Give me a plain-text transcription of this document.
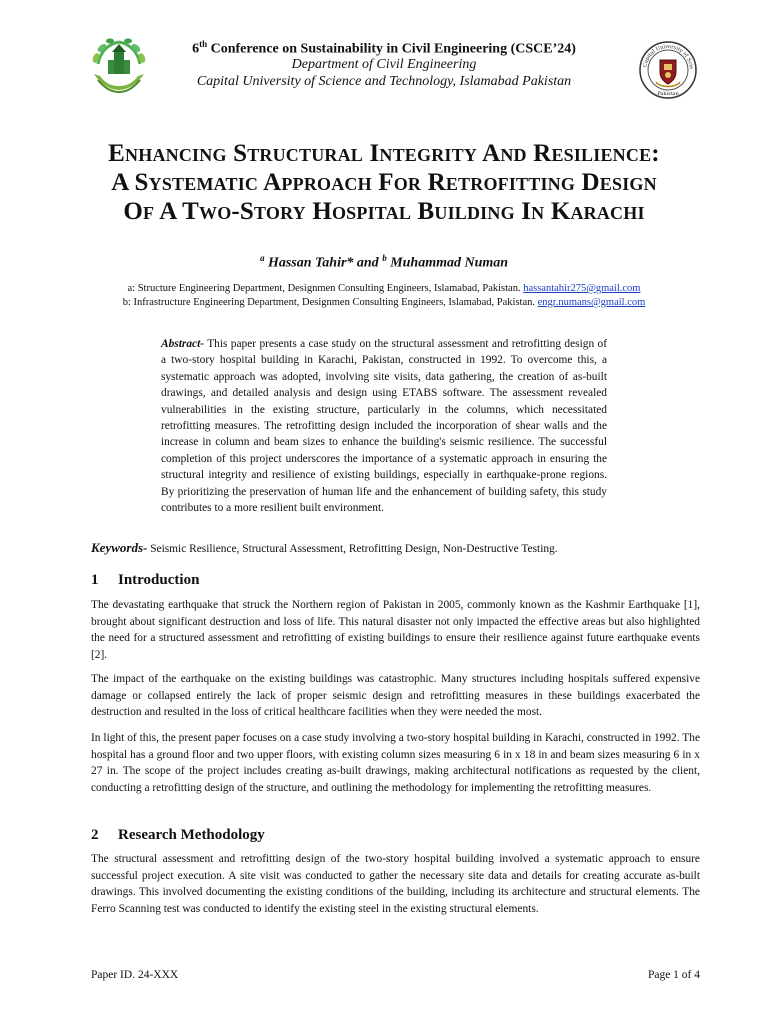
6th Conference on Sustainability in Civil Engineering (CSCE’24)
Department of Civil Engineering
Capital University of Science and Technology, Islamabad Pakistan
Capital University of Scie
Pakistan
Enhancing Structural Integrity And Resilience:
A Systematic Approach For Retrofitting Design
Of A Two-Story Hospital Building In Karachi
$^a$ Hassan Tahir* and $^b$ Muhammad Numan
a: Structure Engineering Department, Designmen Consulting Engineers, Islamabad, Pakistan. hassantahir275@gmail.com
b: Infrastructure Engineering Department, Designmen Consulting Engineers, Islamabad, Pakistan. engr.numans@gmail.com
Abstract- This paper presents a case study on the structural assessment and retrofitting design of a two-story hospital building in Karachi, Pakistan, constructed in 1992. To overcome this, a systematic approach was adopted, involving site visits, data gathering, the creation of as-built drawings, and detailed analysis and design using ETABS software. The assessment revealed vulnerabilities in the existing structure, particularly in the columns, which necessitated retrofitting measures. The retrofitting design included the incorporation of shear walls and the increase in column and beam sizes to enhance the building's seismic resilience. The successful completion of this project underscores the importance of a systematic approach in ensuring the structural integrity and resilience of existing buildings, especially in earthquake-prone regions. By prioritizing the preservation of human life and the enhancement of building safety, this study contributes to a more resilient built environment.
Keywords- Seismic Resilience, Structural Assessment, Retrofitting Design, Non-Destructive Testing.
1 Introduction
The devastating earthquake that struck the Northern region of Pakistan in 2005, commonly known as the Kashmir Earthquake [1], brought about significant destruction and loss of life. This natural disaster not only impacted the effective areas but also highlighted the need for a structured assessment and retrofitting of existing buildings to ensure their resilience against future earthquake events [2].
The impact of the earthquake on the existing buildings was catastrophic. Many structures including hospitals suffered expensive damage or collapsed entirely the lack of proper seismic design and retrofitting measures in these buildings exacerbated the destruction and resulted in the loss of critical healthcare facilities when they were needed the most.
In light of this, the present paper focuses on a case study involving a two-story hospital building in Karachi, constructed in 1992. The hospital has a ground floor and two upper floors, with existing column sizes measuring 6 in x 18 in and beam sizes measuring 6 in x 27 in. The scope of the project includes creating as-built drawings, making architectural notifications as requested by the client, conducting a retrofitting design of the structure, and outlining the methodology for implementing the retrofitting measures.
2 Research Methodology
The structural assessment and retrofitting design of the two-story hospital building involved a systematic approach to ensure successful project execution. A site visit was conducted to gather the necessary site data and details for creating accurate as-built drawings. This involved documenting the existing conditions of the building, including its architecture and structural elements. The Ferro Scanning test was conducted to identify the existing steel in the existing structural elements.
Paper ID. 24-XXX	Page 1 of 4
